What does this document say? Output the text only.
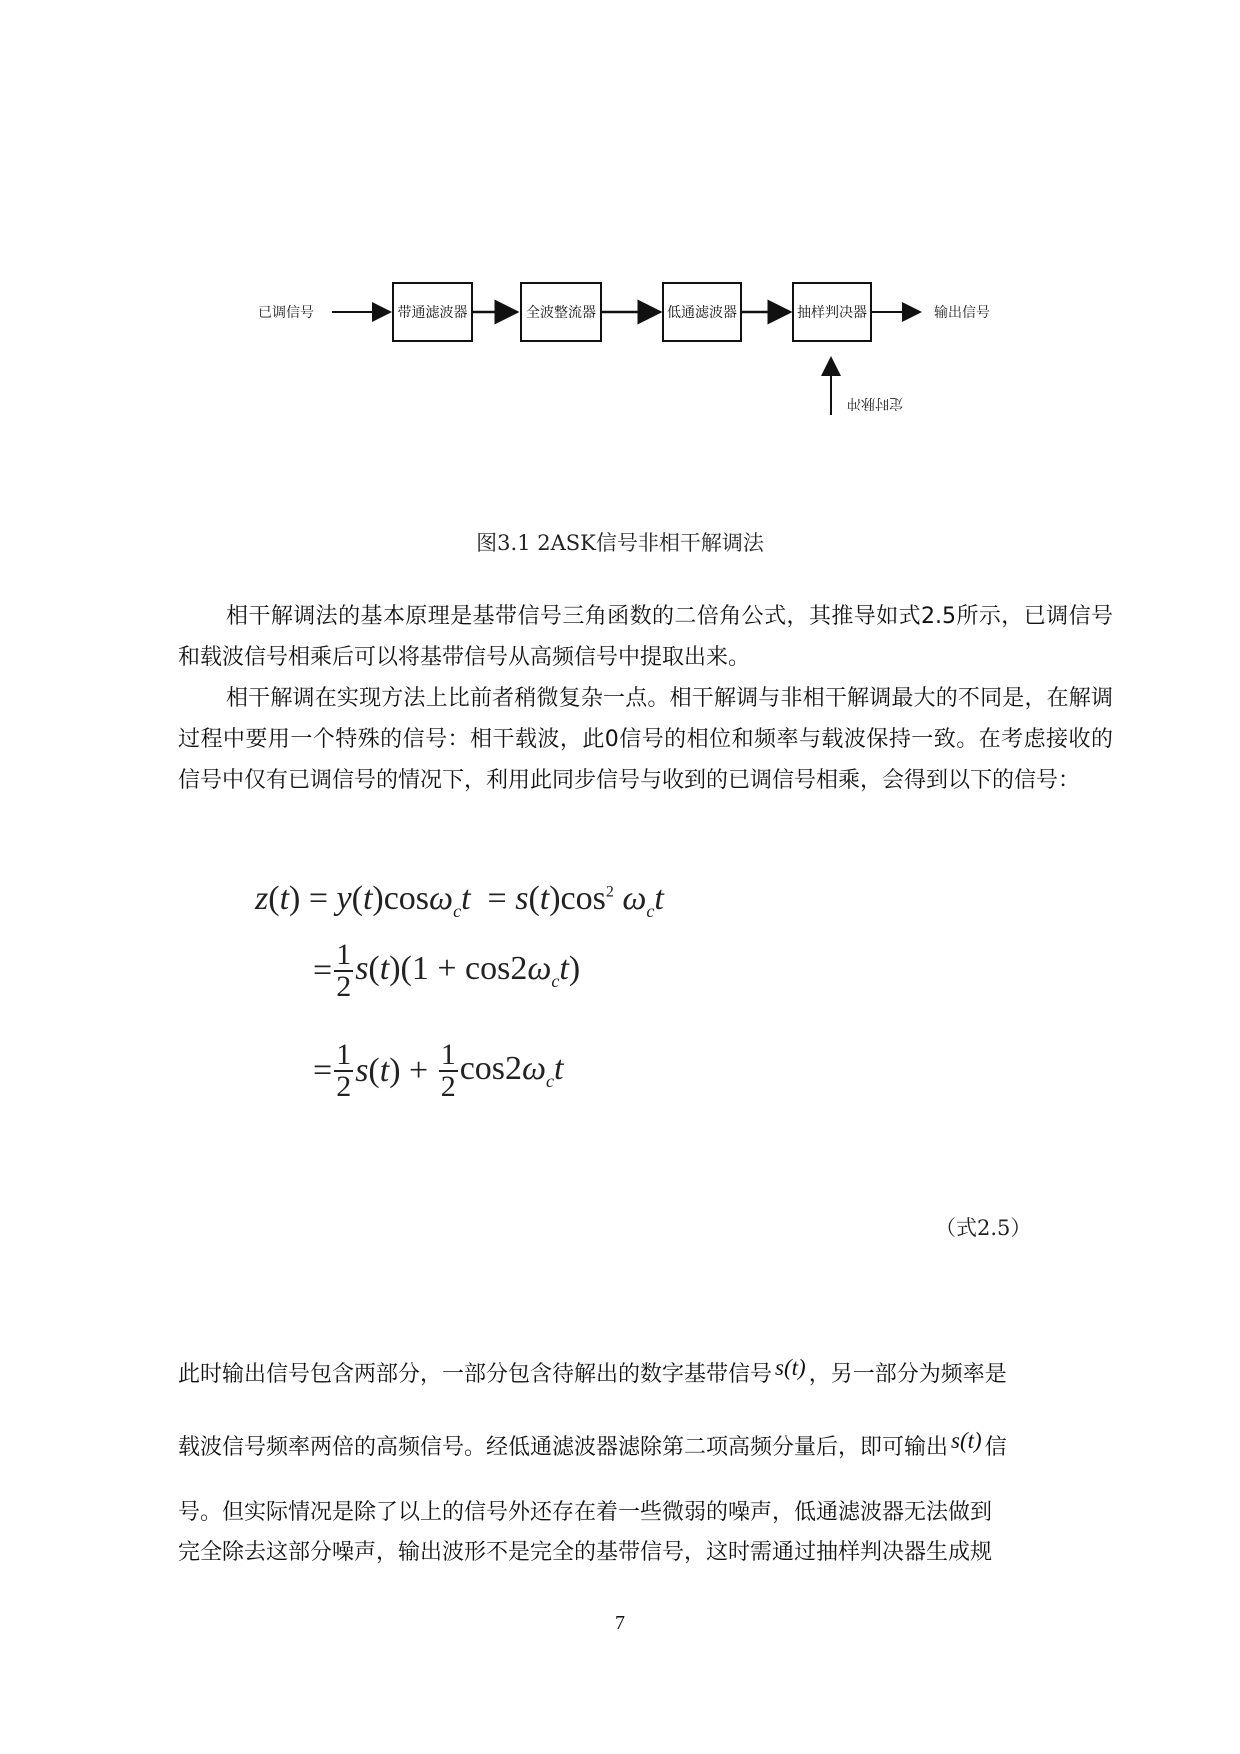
已调信号	带通滤波器	全波整流器	低通滤波器	抽样判决器	输出信号
定时脉冲
图3.1 2ASK信号非相干解调法

相干解调法的基本原理是基带信号三角函数的二倍角公式，其推导如式2.5所示，已调信号和载波信号相乘后可以将基带信号从高频信号中提取出来。

相干解调在实现方法上比前者稍微复杂一点。相干解调与非相干解调最大的不同是，在解调过程中要用一个特殊的信号：相干载波，此0信号的相位和频率与载波保持一致。在考虑接收的信号中仅有已调信号的情况下，利用此同步信号与收到的已调信号相乘，会得到以下的信号：

$z(t) = y(t)\cos\omega_ct = s(t)\cos^2$ $\omega_ct$
= $\frac{1}{2} s(t)(1 + \cos 2\omega_ct)$
= $\frac{1}{2} s(t) + \frac{1}{2} \cos 2\omega_ct$
（式2.5）

此时输出信号包含两部分，一部分包含待解出的数字基带信号 s(t) ，另一部分为频率是
载波信号频率两倍的高频信号。经低通滤波器滤除第二项高频分量后，即可输出 s(t) 信

号。但实际情况是除了以上的信号外还存在着一些微弱的噪声，低通滤波器无法做到
完全除去这部分噪声，输出波形不是完全的基带信号，这时需通过抽样判决器生成规

7
